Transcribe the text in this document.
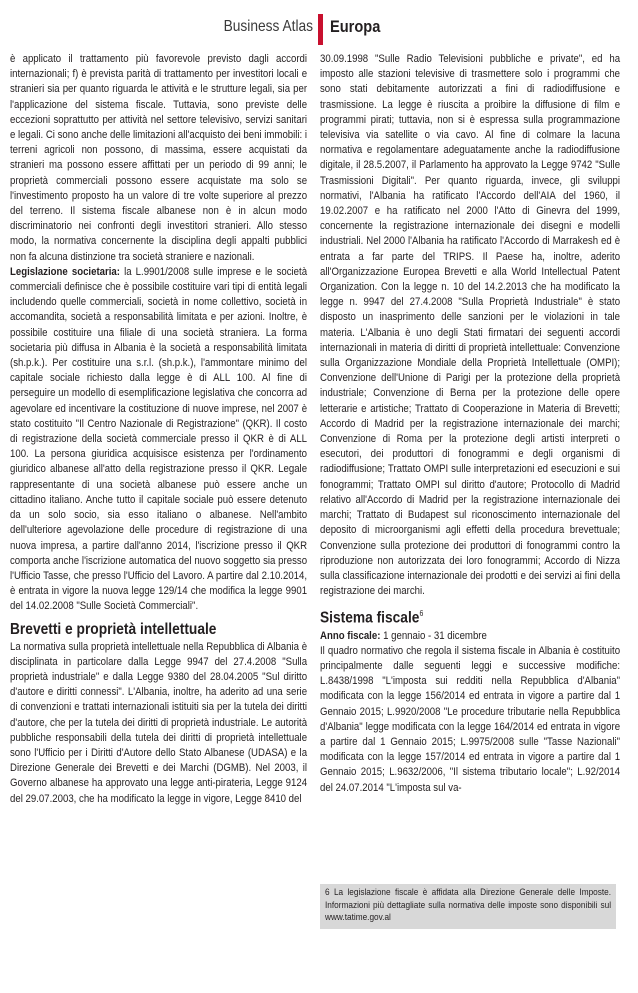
Business Atlas Europa

è applicato il trattamento più favorevole previsto dagli accordi internazionali; f) è prevista parità di trattamento per investitori locali e stranieri sia per quanto riguarda le attività e le strutture legali, sia per l'applicazione del sistema fiscale. Tuttavia, sono previste delle eccezioni soprattutto per attività nel settore televisivo, servizi sanitari e legali. Ci sono anche delle limitazioni all'acquisto dei beni immobili: i terreni agricoli non possono, di massima, essere acquistati da stranieri ma possono essere affittati per un periodo di 99 anni; le proprietà commerciali possono essere acquistate ma solo se l'investimento proposto ha un valore di tre volte superiore al prezzo del terreno. Il sistema fiscale albanese non è in alcun modo discriminatorio nei confronti degli investitori stranieri. Allo stesso modo, la normativa concernente la disciplina degli appalti pubblici non fa alcuna distinzione tra società straniere e nazionali.

Legislazione societaria: la L.9901/2008 sulle imprese e le società commerciali definisce che è possibile costituire vari tipi di entità legali includendo quelle commerciali, società in nome collettivo, società in accomandita, società a responsabilità limitata e per azioni. Inoltre, è possibile costituire una filiale di una società straniera. La forma societaria più diffusa in Albania è la società a responsabilità limitata (sh.p.k.). Per costituire una s.r.l. (sh.p.k.), l'ammontare minimo del capitale sociale richiesto dalla legge è di ALL 100. Al fine di perseguire un modello di esemplificazione legislativa che concorra ad agevolare ed incentivare la costituzione di nuove imprese, nel 2007 è stato costituito "Il Centro Nazionale di Registrazione" (QKR). Il costo di registrazione della società commerciale presso il QKR è di ALL 100. La persona giuridica acquisisce esistenza per l'ordinamento giuridico albanese all'atto della registrazione presso il QKR. Legale rappresentante di una società albanese può essere anche un cittadino italiano. Anche tutto il capitale sociale può essere detenuto da un solo socio, sia esso italiano o albanese. Nell'ambito dell'ulteriore agevolazione delle procedure di registrazione di una nuova impresa, a partire dall'anno 2014, l'iscrizione presso il QKR comporta anche l'iscrizione automatica del nuovo soggetto sia presso l'Ufficio Tasse, che presso l'Ufficio del Lavoro. A partire dal 2.10.2014, è entrata in vigore la nuova legge 129/14 che modifica la legge 9901 del 14.02.2008 "Sulle Società Commerciali".

Brevetti e proprietà intellettuale

La normativa sulla proprietà intellettuale nella Repubblica di Albania è disciplinata in particolare dalla Legge 9947 del 27.4.2008 "Sulla proprietà industriale" e dalla Legge 9380 del 28.04.2005 "Sul diritto d'autore e diritti connessi". L'Albania, inoltre, ha aderito ad una serie di convenzioni e trattati internazionali istituiti sia per la tutela dei diritti d'autore, che per la tutela dei diritti di proprietà industriale. Le autorità pubbliche responsabili della tutela dei diritti di proprietà intellettuale sono l'Ufficio per i Diritti d'Autore dello Stato Albanese (UDASA) e la Direzione Generale dei Brevetti e dei Marchi (DGMB). Nel 2003, il Governo albanese ha approvato una legge anti-pirateria, Legge 9124 del 29.07.2003, che ha modificato la legge in vigore, Legge 8410 del

30.09.1998 "Sulle Radio Televisioni pubbliche e private", ed ha imposto alle stazioni televisive di trasmettere solo i programmi che sono stati debitamente autorizzati a fini di radiodiffusione e trasmissione. La legge è riuscita a proibire la diffusione di film e programmi pirati; tuttavia, non si è espressa sulla programmazione televisiva via satellite o via cavo. Al fine di colmare la lacuna normativa e regolamentare adeguatamente anche la radiodiffusione digitale, il 28.5.2007, il Parlamento ha approvato la Legge 9742 "Sulle Trasmissioni Digitali". Per quanto riguarda, invece, gli sviluppi normativi, l'Albania ha ratificato l'Accordo dell'AIA del 1960, il 19.02.2007 e ha ratificato nel 2000 l'Atto di Ginevra del 1999, concernente la registrazione internazionale dei disegni e modelli industriali. Nel 2000 l'Albania ha ratificato l'Accordo di Marrakesh ed è entrata a far parte del TRIPS. Il Paese ha, inoltre, aderito all'Organizzazione Europea Brevetti e alla World Intellectual Patent Organization. Con la legge n. 10 del 14.2.2013 che ha modificato la legge n. 9947 del 27.4.2008 "Sulla Proprietà Industriale" è stato disposto un inasprimento delle sanzioni per le violazioni in tale materia. L'Albania è uno degli Stati firmatari dei seguenti accordi internazionali in materia di diritti di proprietà intellettuale: Convenzione sulla Organizzazione Mondiale della Proprietà Intellettuale (OMPI); Convenzione dell'Unione di Parigi per la protezione della proprietà industriale; Convenzione di Berna per la protezione delle opere letterarie e artistiche; Trattato di Cooperazione in Materia di Brevetti; Accordo di Madrid per la registrazione internazionale dei marchi; Convenzione di Roma per la protezione degli artisti interpreti o esecutori, dei produttori di fonogrammi e degli organismi di radiodiffusione; Trattato OMPI sulle interpretazioni ed esecuzioni e sui fonogrammi; Trattato OMPI sul diritto d'autore; Protocollo di Madrid relativo all'Accordo di Madrid per la registrazione internazionale dei marchi; Trattato di Budapest sul riconoscimento internazionale del deposito di microorganismi agli effetti della procedura brevettuale; Convenzione sulla protezione dei produttori di fonogrammi contro la riproduzione non autorizzata dei loro fonogrammi; Accordo di Nizza sulla classificazione internazionale dei prodotti e dei servizi ai fini della registrazione dei marchi.

Sistema fiscale$^6$

Anno fiscale: 1 gennaio - 31 dicembre

Il quadro normativo che regola il sistema fiscale in Albania è costituito principalmente dalle seguenti leggi e successive modifiche: L.8438/1998 "L'imposta sui redditi nella Repubblica d'Albania" modificata con la legge 156/2014 ed entrata in vigore a partire dal 1 Gennaio 2015; L.9920/2008 "Le procedure tributarie nella Repubblica d'Albania" legge modificata con la legge 164/2014 ed entrata in vigore a partire dal 1 Gennaio 2015; L.9975/2008 sulle "Tasse Nazionali" modificata con la legge 157/2014 ed entrata in vigore a partire dal 1 Gennaio 2015; L.9632/2006, "Il sistema tributario locale"; L.92/2014 del 24.07.2014 "L'imposta sul va-

6 La legislazione fiscale è affidata alla Direzione Generale delle Imposte. Informazioni più dettagliate sulla normativa delle imposte sono disponibili sul www.tatime.gov.al
